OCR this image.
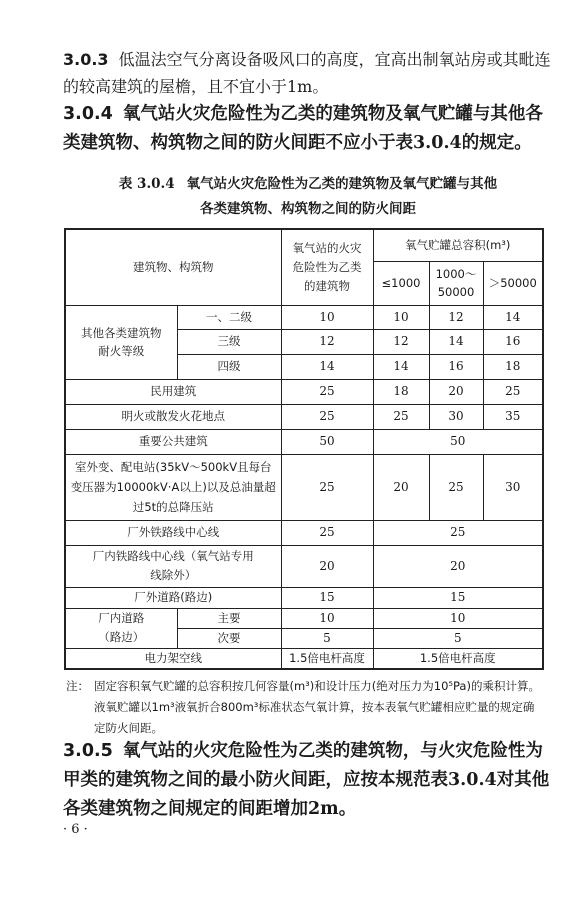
3.0.3 低温法空气分离设备吸风口的高度，宜高出制氧站房或其毗连的较高建筑的屋檐，且不宜小于1m。
3.0.4 氧气站火灾危险性为乙类的建筑物及氧气贮罐与其他各类建筑物、构筑物之间的防火间距不应小于表3.0.4的规定。
表 3.0.4 氧气站火灾危险性为乙类的建筑物及氧气贮罐与其他
各类建筑物、构筑物之间的防火间距
建筑物、构筑物		氧气站的火灾危险性为乙类的建筑物	氧气贮罐总容积(m³)		
			≤1000	1000～50000	＞50000
其他各类建筑物耐火等级	一、二级	10	10	12	14
	三级	12	12	14	16
	四级	14	14	16	18
民用建筑		25	18	20	25
明火或散发火花地点		25	25	30	35
重要公共建筑		50	50		
室外变、配电站(35kV～500kV且每台变压器为10000kV·A以上)以及总油量超过5t的总降压站		25	20	25	30
厂外铁路线中心线		25	25		
厂内铁路线中心线（氧气站专用线除外）		20	20		
厂外道路(路边)		15	15		
厂内道路（路边）	主要	10	10		
	次要	5	5		
电力架空线		1.5倍电杆高度	1.5倍电杆高度		
注： 固定容积氧气贮罐的总容积按几何容量(m³)和设计压力(绝对压力为10⁵Pa)的乘积计算。液氧贮罐以1m³液氧折合800m³标准状态气氧计算，按本表氧气贮罐相应贮量的规定确定防火间距。
3.0.5 氧气站的火灾危险性为乙类的建筑物，与火灾危险性为甲类的建筑物之间的最小防火间距，应按本规范表3.0.4对其他各类建筑物之间规定的间距增加2m。
· 6 ·
